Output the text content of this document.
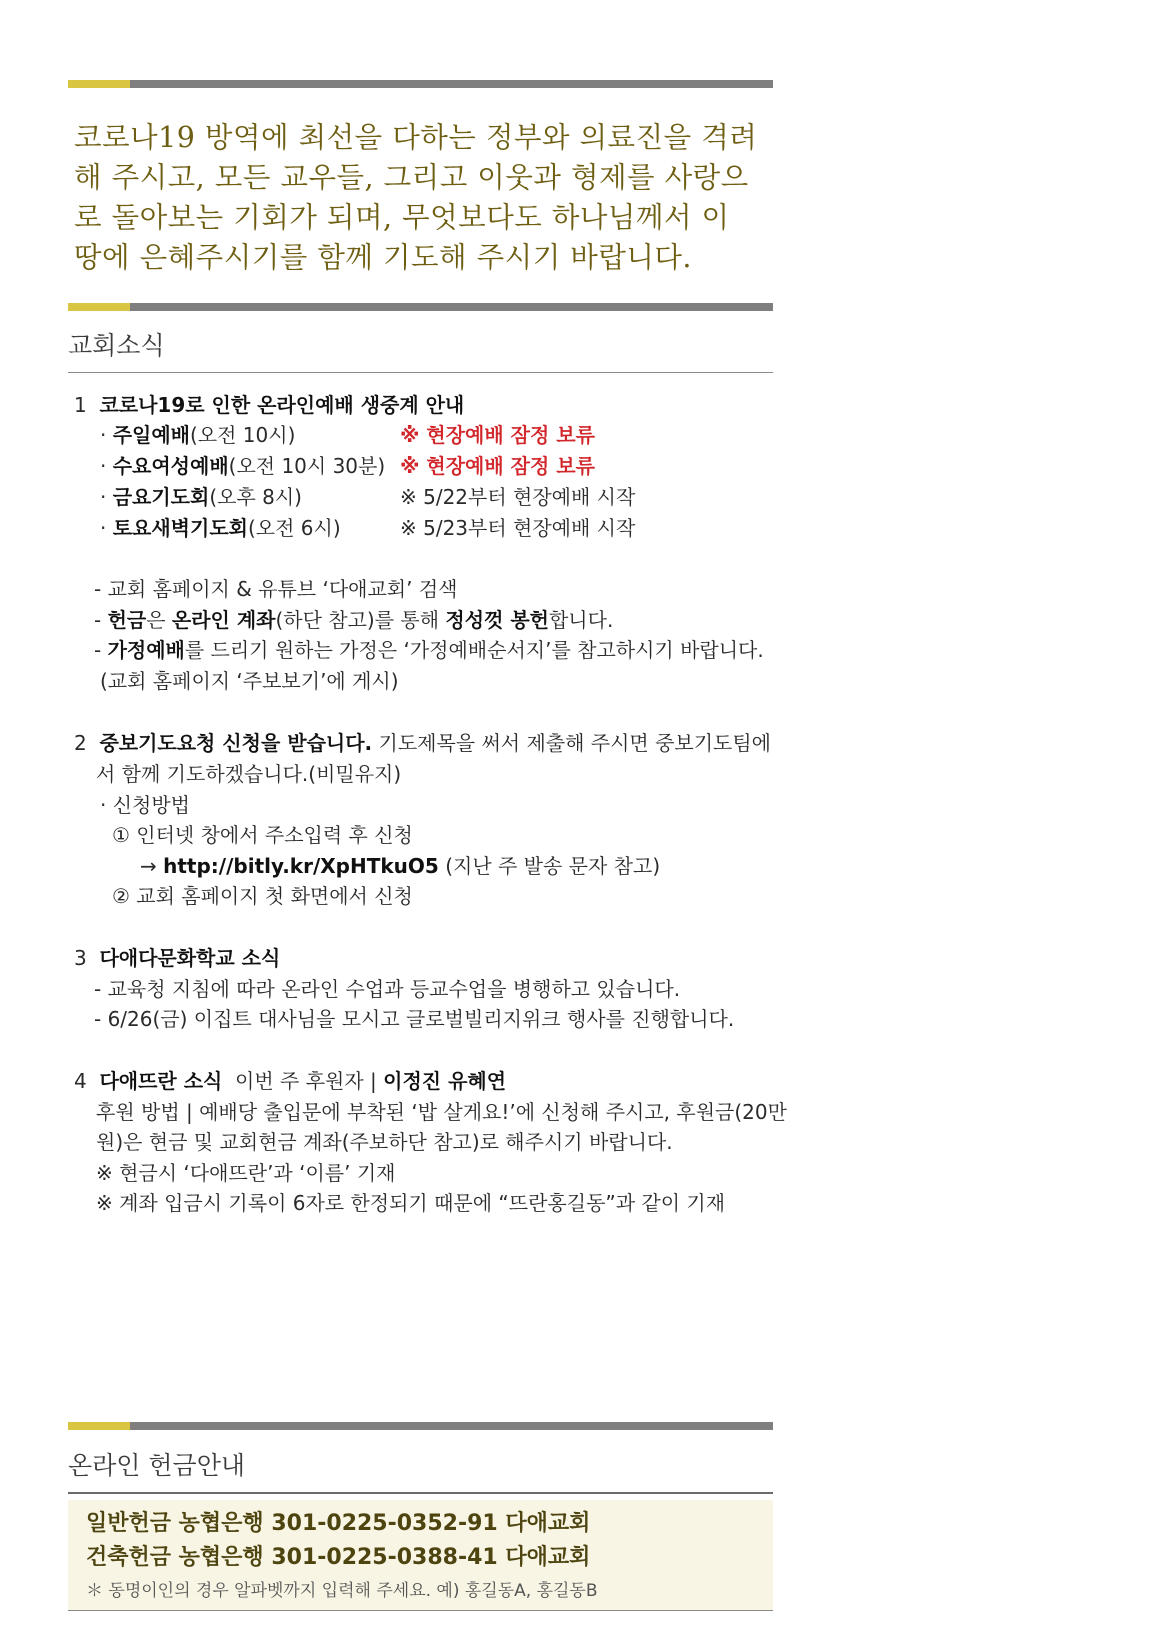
코로나19 방역에 최선을 다하는 정부와 의료진을 격려
해 주시고, 모든 교우들, 그리고 이웃과 형제를 사랑으
로 돌아보는 기회가 되며, 무엇보다도 하나님께서 이
땅에 은혜주시기를 함께 기도해 주시기 바랍니다.
교회소식
1 코로나19로 인한 온라인예배 생중계 안내
· 주일예배(오전 10시)	※ 현장예배 잠정 보류
· 수요여성예배(오전 10시 30분) ※ 현장예배 잠정 보류
· 금요기도회(오후 8시)	※ 5/22부터 현장예배 시작
· 토요새벽기도회(오전 6시)	※ 5/23부터 현장예배 시작
- 교회 홈페이지 & 유튜브 ‘다애교회’ 검색
- 헌금은 온라인 계좌(하단 참고)를 통해 정성껏 봉헌합니다.
- 가정예배를 드리기 원하는 가정은 ‘가정예배순서지’를 참고하시기 바랍니다.
(교회 홈페이지 ‘주보보기’에 게시)
2 중보기도요청 신청을 받습니다. 기도제목을 써서 제출해 주시면 중보기도팀에
서 함께 기도하겠습니다.(비밀유지)
· 신청방법
① 인터넷 창에서 주소입력 후 신청
→ http://bitly.kr/XpHTkuO5 (지난 주 발송 문자 참고)
② 교회 홈페이지 첫 화면에서 신청
3 다애다문화학교 소식
- 교육청 지침에 따라 온라인 수업과 등교수업을 병행하고 있습니다.
- 6/26(금) 이집트 대사님을 모시고 글로벌빌리지위크 행사를 진행합니다.
4 다애뜨란 소식  이번 주 후원자 | 이정진 유혜연
후원 방법 | 예배당 출입문에 부착된 ‘밥 살게요!’에 신청해 주시고, 후원금(20만
원)은 현금 및 교회현금 계좌(주보하단 참고)로 해주시기 바랍니다.
※ 현금시 ‘다애뜨란’과 ‘이름’ 기재
※ 계좌 입금시 기록이 6자로 한정되기 때문에 “뜨란홍길동”과 같이 기재
온라인 헌금안내
일반헌금 농협은행 301-0225-0352-91 다애교회
건축헌금 농협은행 301-0225-0388-41 다애교회
＊ 동명이인의 경우 알파벳까지 입력해 주세요. 예) 홍길동A, 홍길동B
